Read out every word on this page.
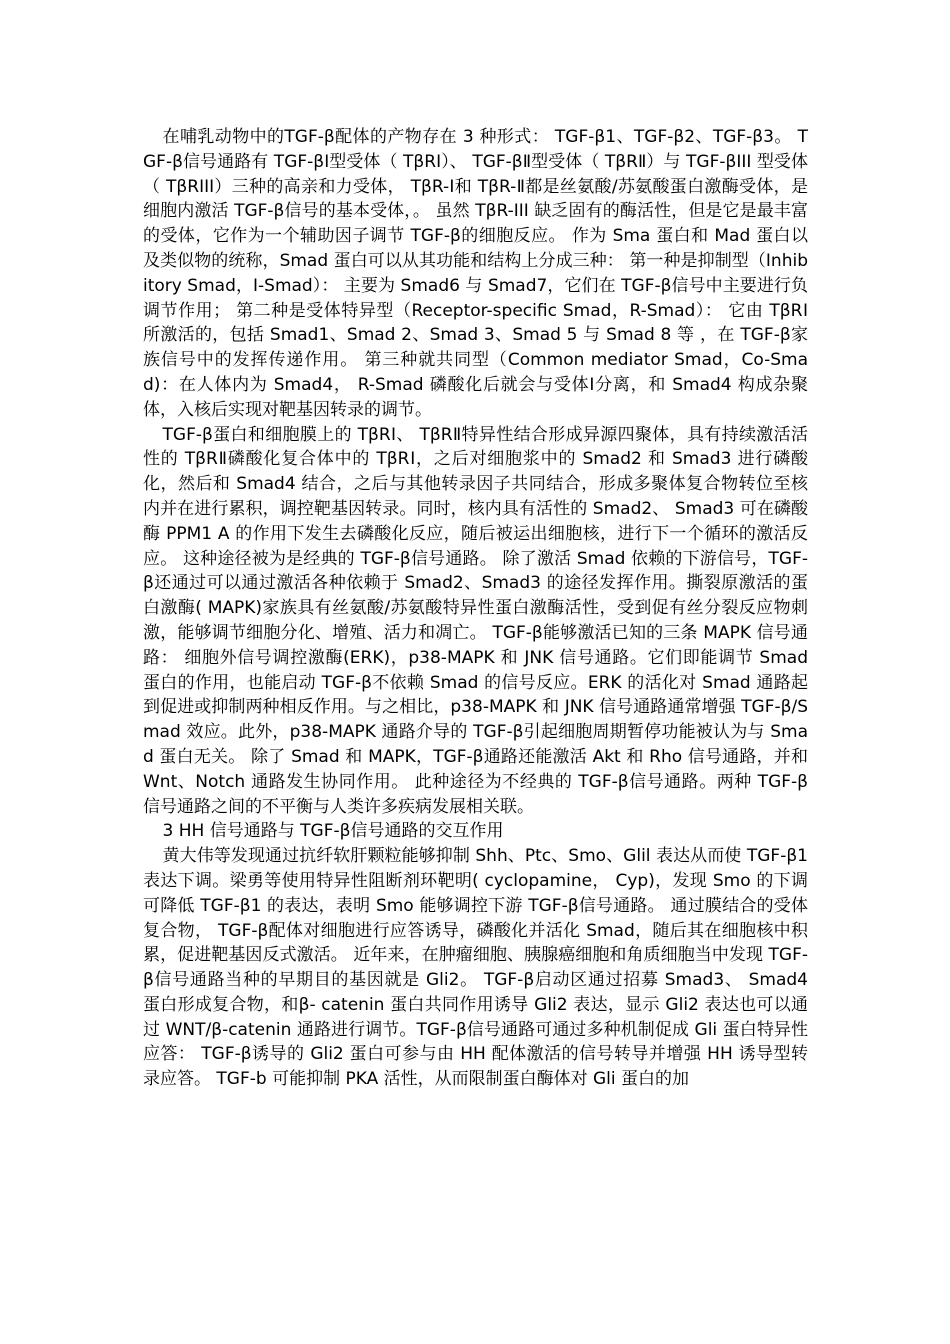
在哺乳动物中的TGF-β配体的产物存在 3 种形式： TGF-β1、TGF-β2、TGF-β3。 TGF-β信号通路有 TGF-βⅠ型受体（ TβRⅠ）、 TGF-βⅡ型受体（ TβRⅡ）与 TGF-βIII 型受体（ TβRIII）三种的高亲和力受体， TβR-Ⅰ和 TβR-Ⅱ都是丝氨酸/苏氨酸蛋白激酶受体，是细胞内激活 TGF-β信号的基本受体，。 虽然 TβR-III 缺乏固有的酶活性，但是它是最丰富的受体，它作为一个辅助因子调节 TGF-β的细胞反应。 作为 Sma 蛋白和 Mad 蛋白以及类似物的统称，Smad 蛋白可以从其功能和结构上分成三种： 第一种是抑制型（Inhibitory Smad，I-Smad）： 主要为 Smad6 与 Smad7，它们在 TGF-β信号中主要进行负调节作用； 第二种是受体特异型（Receptor-specific Smad，R-Smad）： 它由 TβRⅠ所激活的，包括 Smad1、Smad 2、Smad 3、Smad 5 与 Smad 8 等 ，在 TGF-β家族信号中的发挥传递作用。 第三种就共同型（Common mediator Smad，Co-Smad)：在人体内为 Smad4， R-Smad 磷酸化后就会与受体Ⅰ分离，和 Smad4 构成杂聚体，入核后实现对靶基因转录的调节。

TGF-β蛋白和细胞膜上的 TβRⅠ、 TβRⅡ特异性结合形成异源四聚体，具有持续激活活性的 TβRⅡ磷酸化复合体中的 TβRⅠ，之后对细胞浆中的 Smad2 和 Smad3 进行磷酸化，然后和 Smad4 结合，之后与其他转录因子共同结合，形成多聚体复合物转位至核内并在进行累积，调控靶基因转录。同时，核内具有活性的 Smad2、 Smad3 可在磷酸酶 PPM1 A 的作用下发生去磷酸化反应，随后被运出细胞核，进行下一个循环的激活反应。 这种途径被为是经典的 TGF-β信号通路。 除了激活 Smad 依赖的下游信号，TGF-β还通过可以通过激活各种依赖于 Smad2、Smad3 的途径发挥作用。撕裂原激活的蛋白激酶( MAPK)家族具有丝氨酸/苏氨酸特异性蛋白激酶活性，受到促有丝分裂反应物刺激，能够调节细胞分化、增殖、活力和凋亡。 TGF-β能够激活已知的三条 MAPK 信号通路： 细胞外信号调控激酶(ERK)，p38-MAPK 和 JNK 信号通路。它们即能调节 Smad 蛋白的作用，也能启动 TGF-β不依赖 Smad 的信号反应。ERK 的活化对 Smad 通路起到促进或抑制两种相反作用。与之相比，p38-MAPK 和 JNK 信号通路通常增强 TGF-β/Smad 效应。此外，p38-MAPK 通路介导的 TGF-β引起细胞周期暂停功能被认为与 Smad 蛋白无关。 除了 Smad 和 MAPK，TGF-β通路还能激活 Akt 和 Rho 信号通路，并和 Wnt、Notch 通路发生协同作用。 此种途径为不经典的 TGF-β信号通路。两种 TGF-β信号通路之间的不平衡与人类许多疾病发展相关联。

3 HH 信号通路与 TGF-β信号通路的交互作用

黄大伟等发现通过抗纤软肝颗粒能够抑制 Shh、Ptc、Smo、Glil 表达从而使 TGF-β1 表达下调。梁勇等使用特异性阻断剂环靶明( cyclopamine， Cyp)，发现 Smo 的下调可降低 TGF-β1 的表达，表明 Smo 能够调控下游 TGF-β信号通路。 通过膜结合的受体复合物， TGF-β配体对细胞进行应答诱导，磷酸化并活化 Smad，随后其在细胞核中积累，促进靶基因反式激活。 近年来，在肿瘤细胞、胰腺癌细胞和角质细胞当中发现 TGF-β信号通路当种的早期目的基因就是 Gli2。 TGF-β启动区通过招募 Smad3、 Smad4 蛋白形成复合物，和β- catenin 蛋白共同作用诱导 Gli2 表达，显示 Gli2 表达也可以通过 WNT/β-catenin 通路进行调节。TGF-β信号通路可通过多种机制促成 Gli 蛋白特异性应答： TGF-β诱导的 Gli2 蛋白可参与由 HH 配体激活的信号转导并增强 HH 诱导型转录应答。 TGF-b 可能抑制 PKA 活性，从而限制蛋白酶体对 Gli 蛋白的加
